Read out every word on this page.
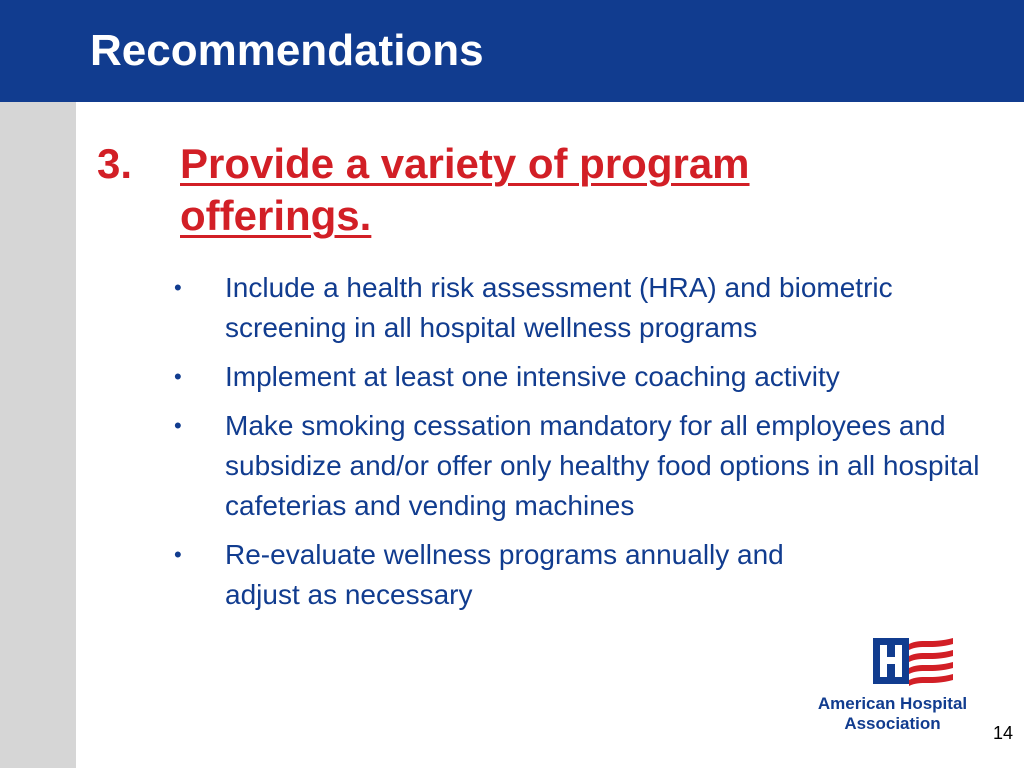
Recommendations
3. Provide a variety of program offerings.
• Include a health risk assessment (HRA) and biometric screening in all hospital wellness programs
• Implement at least one intensive coaching activity
• Make smoking cessation mandatory for all employees and subsidize and/or offer only healthy food options in all hospital cafeterias and vending machines
• Re-evaluate wellness programs annually and adjust as necessary
American Hospital
Association	14
